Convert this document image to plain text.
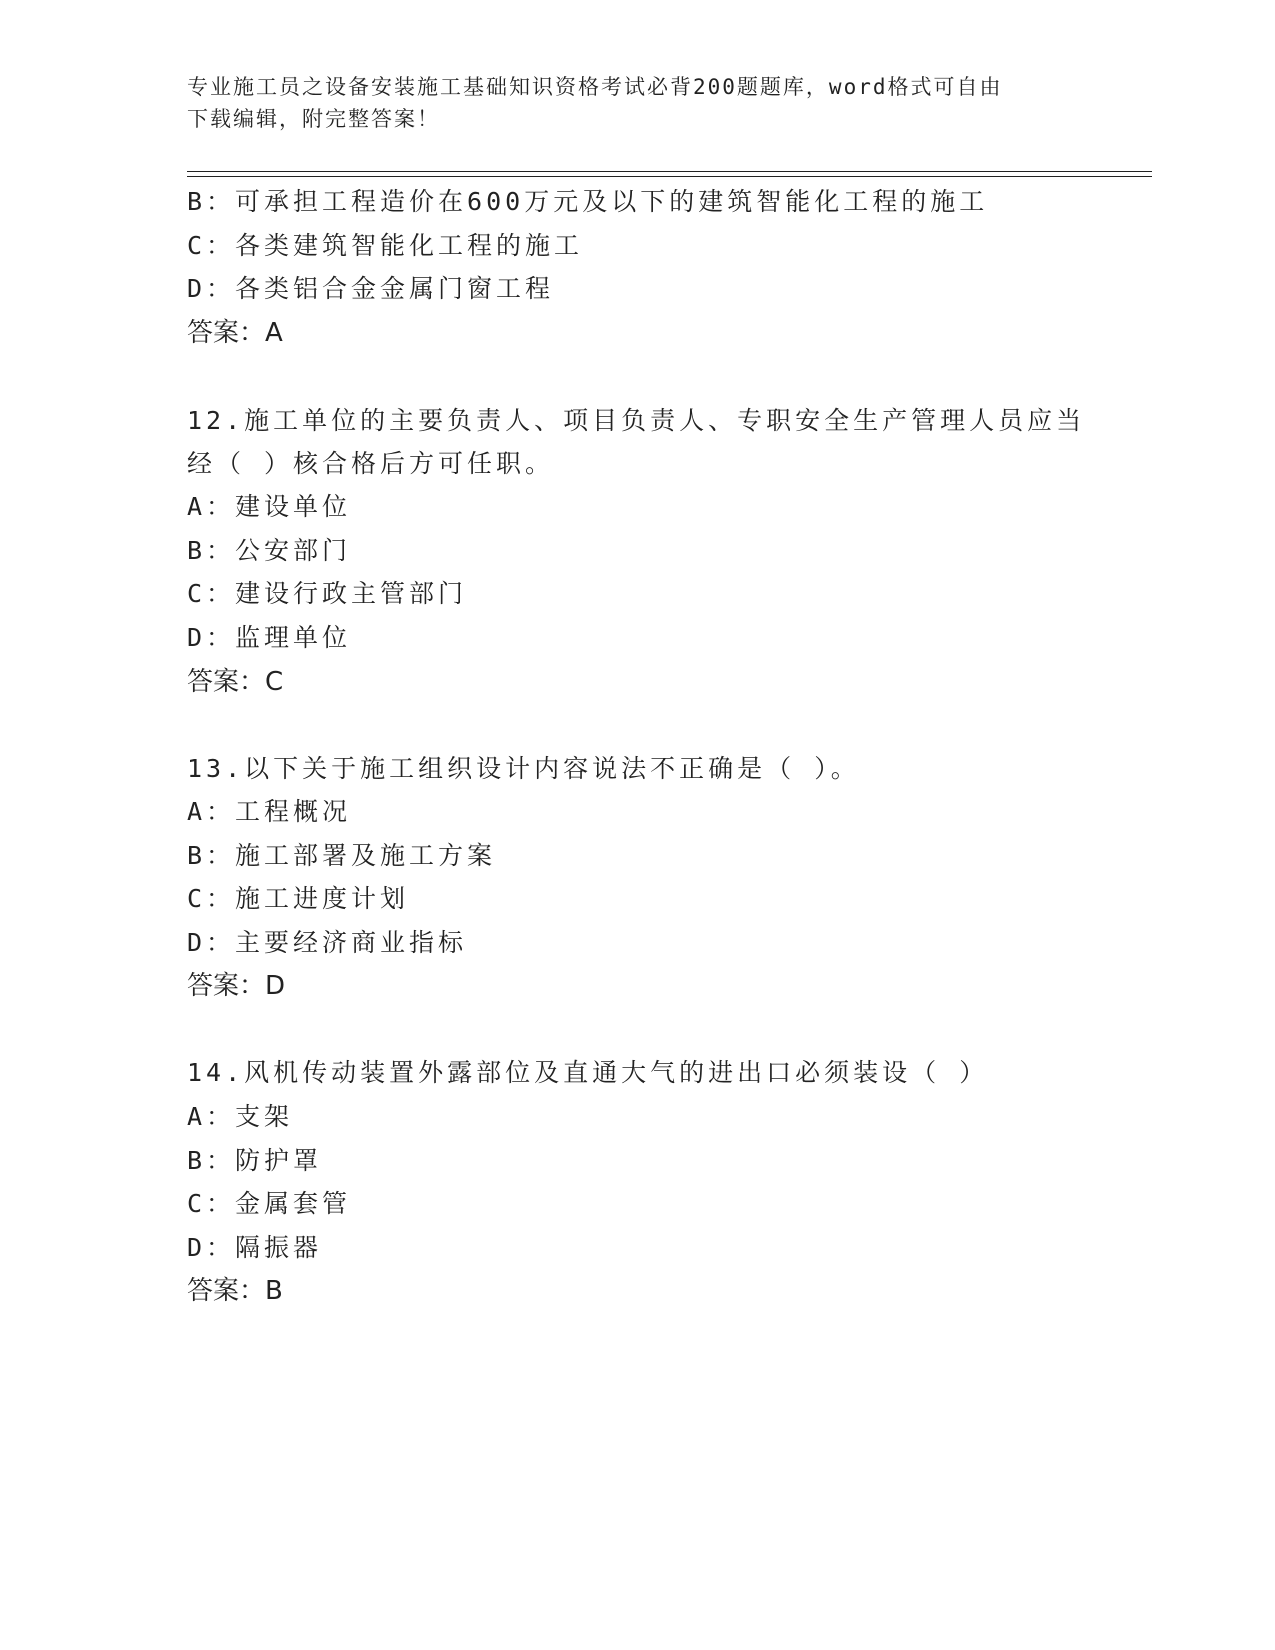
专业施工员之设备安装施工基础知识资格考试必背200题题库，word格式可自由
下载编辑，附完整答案！
B：可承担工程造价在600万元及以下的建筑智能化工程的施工
C：各类建筑智能化工程的施工
D：各类铝合金金属门窗工程
答案：A
12.施工单位的主要负责人、项目负责人、专职安全生产管理人员应当
经（ ）核合格后方可任职。
A：建设单位
B：公安部门
C：建设行政主管部门
D：监理单位
答案：C
13.以下关于施工组织设计内容说法不正确是（ ）。
A：工程概况
B：施工部署及施工方案
C：施工进度计划
D：主要经济商业指标
答案：D
14.风机传动装置外露部位及直通大气的进出口必须装设（ ）
A：支架
B：防护罩
C：金属套管
D：隔振器
答案：B
